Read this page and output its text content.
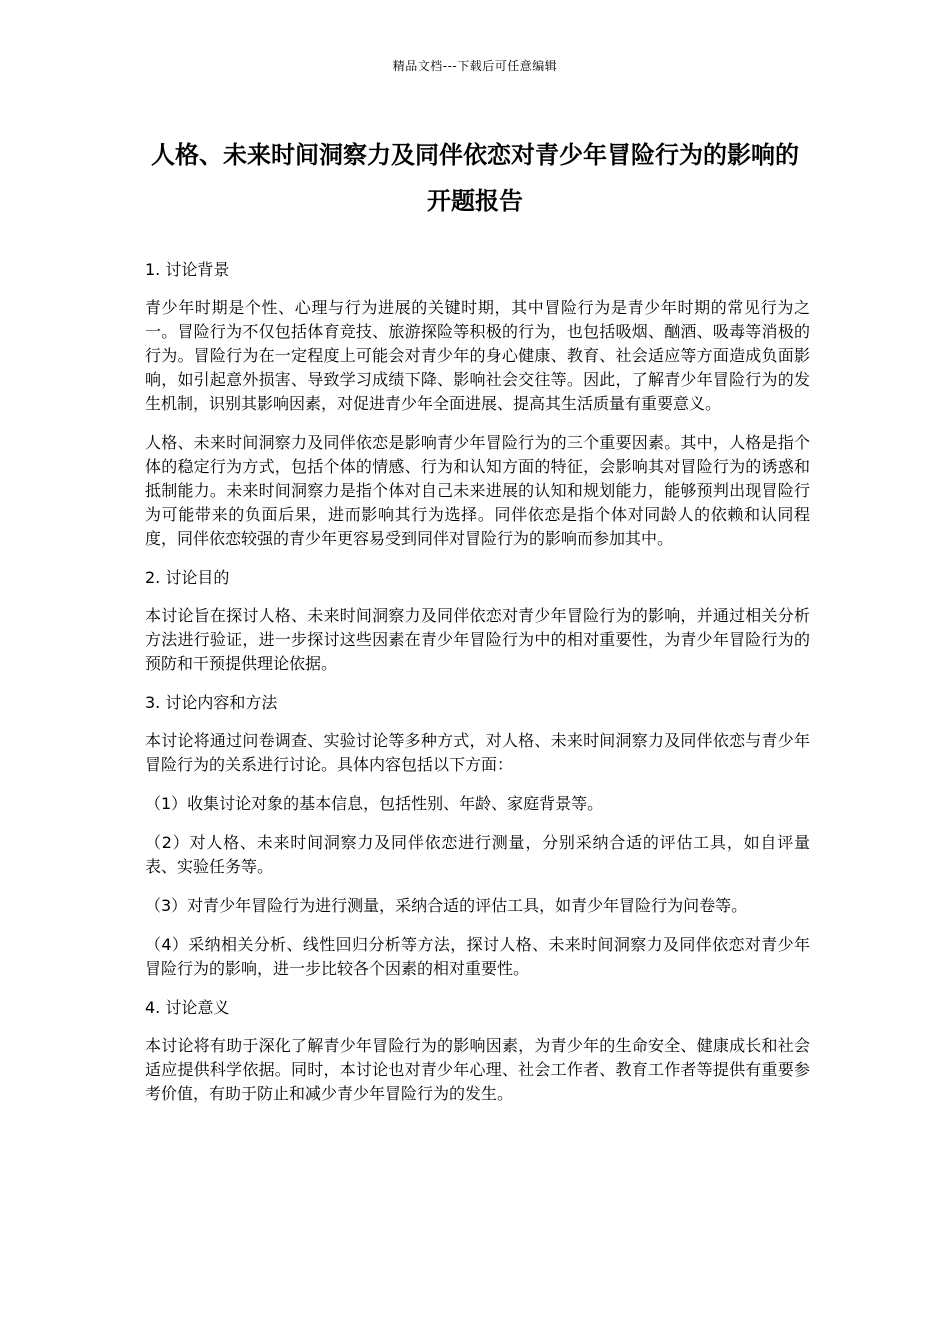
精品文档---下载后可任意编辑
人格、未来时间洞察力及同伴依恋对青少年冒险行为的影响的开题报告
1. 讨论背景

青少年时期是个性、心理与行为进展的关键时期，其中冒险行为是青少年时期的常见行为之一。冒险行为不仅包括体育竞技、旅游探险等积极的行为，也包括吸烟、酗酒、吸毒等消极的行为。冒险行为在一定程度上可能会对青少年的身心健康、教育、社会适应等方面造成负面影响，如引起意外损害、导致学习成绩下降、影响社会交往等。因此，了解青少年冒险行为的发生机制，识别其影响因素，对促进青少年全面进展、提高其生活质量有重要意义。

人格、未来时间洞察力及同伴依恋是影响青少年冒险行为的三个重要因素。其中，人格是指个体的稳定行为方式，包括个体的情感、行为和认知方面的特征，会影响其对冒险行为的诱惑和抵制能力。未来时间洞察力是指个体对自己未来进展的认知和规划能力，能够预判出现冒险行为可能带来的负面后果，进而影响其行为选择。同伴依恋是指个体对同龄人的依赖和认同程度，同伴依恋较强的青少年更容易受到同伴对冒险行为的影响而参加其中。

2. 讨论目的

本讨论旨在探讨人格、未来时间洞察力及同伴依恋对青少年冒险行为的影响，并通过相关分析方法进行验证，进一步探讨这些因素在青少年冒险行为中的相对重要性，为青少年冒险行为的预防和干预提供理论依据。

3. 讨论内容和方法

本讨论将通过问卷调查、实验讨论等多种方式，对人格、未来时间洞察力及同伴依恋与青少年冒险行为的关系进行讨论。具体内容包括以下方面：

（1）收集讨论对象的基本信息，包括性别、年龄、家庭背景等。

（2）对人格、未来时间洞察力及同伴依恋进行测量，分别采纳合适的评估工具，如自评量表、实验任务等。

（3）对青少年冒险行为进行测量，采纳合适的评估工具，如青少年冒险行为问卷等。

（4）采纳相关分析、线性回归分析等方法，探讨人格、未来时间洞察力及同伴依恋对青少年冒险行为的影响，进一步比较各个因素的相对重要性。

4. 讨论意义

本讨论将有助于深化了解青少年冒险行为的影响因素，为青少年的生命安全、健康成长和社会适应提供科学依据。同时，本讨论也对青少年心理、社会工作者、教育工作者等提供有重要参考价值，有助于防止和减少青少年冒险行为的发生。
